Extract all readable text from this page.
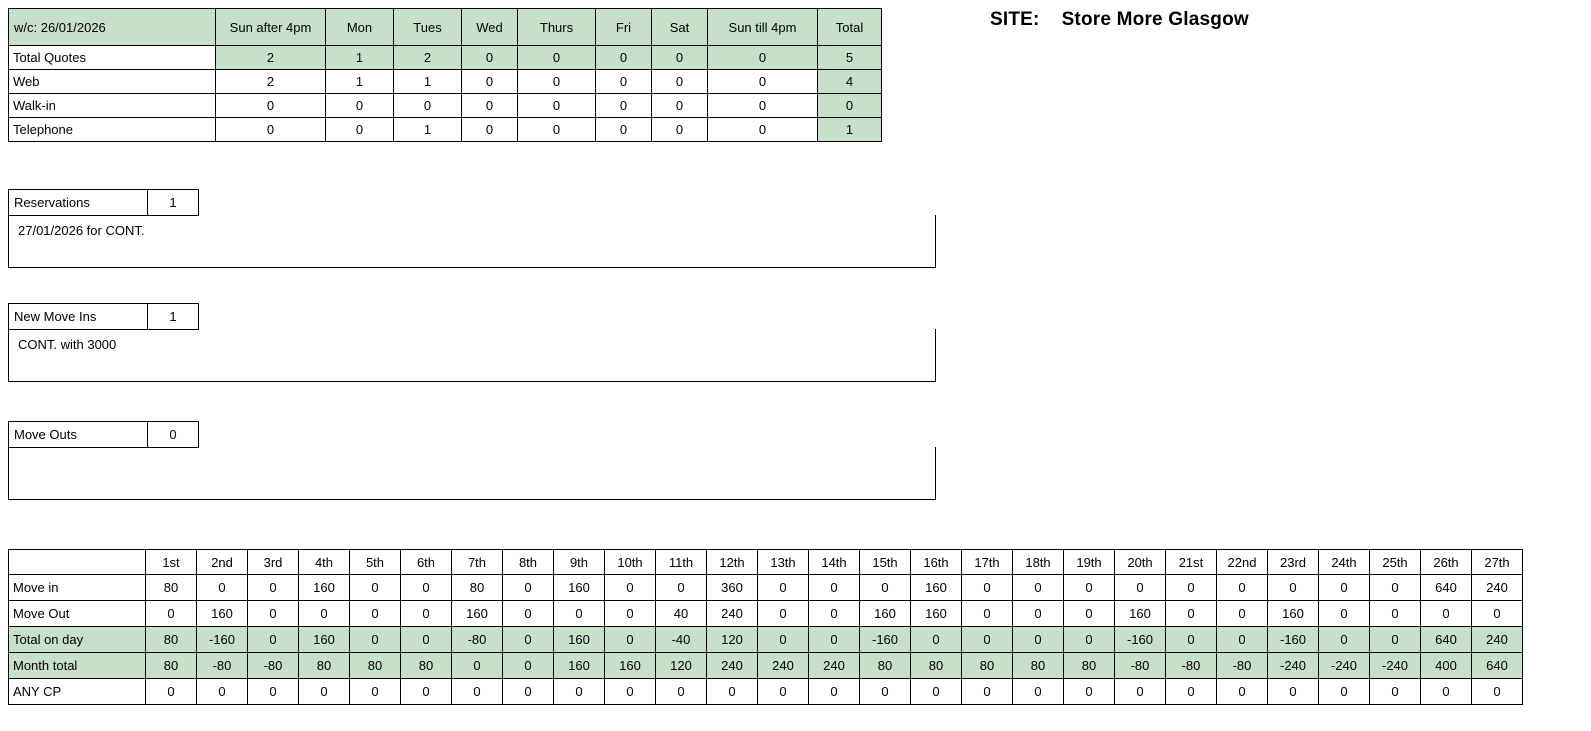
SITE: Store More Glasgow
w/c: 26/01/2026	Sun after 4pm	Mon	Tues	Wed	Thurs	Fri	Sat	Sun till 4pm	Total
Total Quotes	2	1	2	0	0	0	0	0	5
Web	2	1	1	0	0	0	0	0	4
Walk-in	0	0	0	0	0	0	0	0	0
Telephone	0	0	1	0	0	0	0	0	1
Reservations	1
27/01/2026 for CONT.
New Move Ins	1
CONT. with 3000
Move Outs	0
	1st	2nd	3rd	4th	5th	6th	7th	8th	9th	10th	11th	12th	13th	14th	15th	16th	17th	18th	19th	20th	21st	22nd	23rd	24th	25th	26th	27th
Move in	80	0	0	160	0	0	80	0	160	0	0	360	0	0	0	160	0	0	0	0	0	0	0	0	0	640	240
Move Out	0	160	0	0	0	0	160	0	0	0	40	240	0	0	160	160	0	0	0	160	0	0	160	0	0	0	0
Total on day	80	-160	0	160	0	0	-80	0	160	0	-40	120	0	0	-160	0	0	0	0	-160	0	0	-160	0	0	640	240
Month total	80	-80	-80	80	80	80	0	0	160	160	120	240	240	240	80	80	80	80	80	-80	-80	-80	-240	-240	-240	400	640
ANY CP	0	0	0	0	0	0	0	0	0	0	0	0	0	0	0	0	0	0	0	0	0	0	0	0	0	0	0
